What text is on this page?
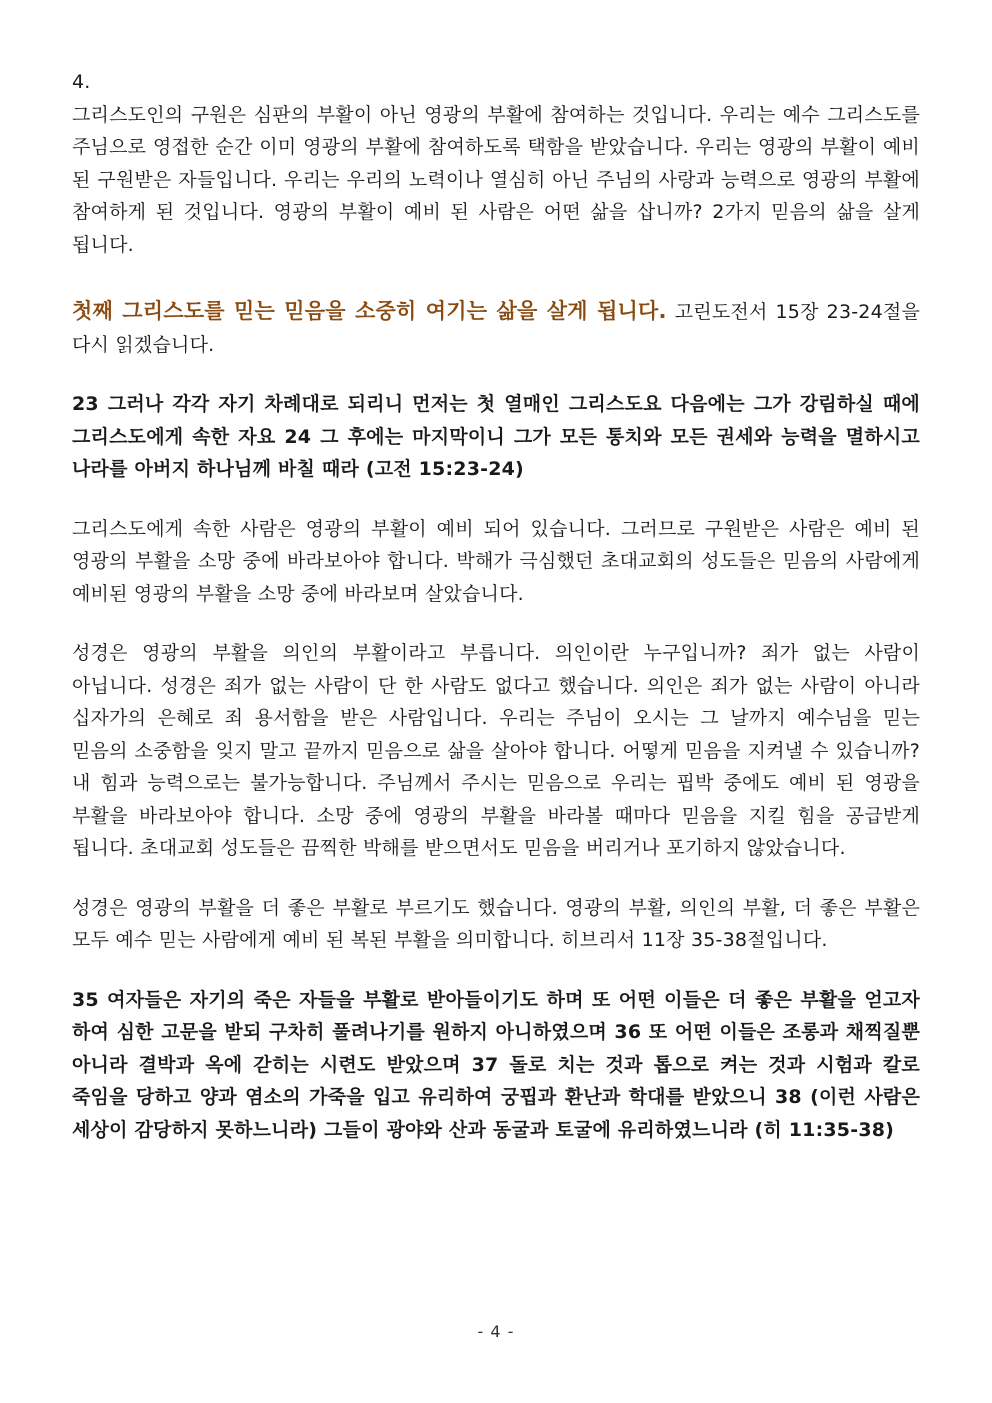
4.

그리스도인의 구원은 심판의 부활이 아닌 영광의 부활에 참여하는 것입니다. 우리는 예수 그리스도를 주님으로 영접한 순간 이미 영광의 부활에 참여하도록 택함을 받았습니다. 우리는 영광의 부활이 예비 된 구원받은 자들입니다. 우리는 우리의 노력이나 열심히 아닌 주님의 사랑과 능력으로 영광의 부활에 참여하게 된 것입니다. 영광의 부활이 예비 된 사람은 어떤 삶을 삽니까? 2가지 믿음의 삶을 살게 됩니다.

첫째 그리스도를 믿는 믿음을 소중히 여기는 삶을 살게 됩니다. 고린도전서 15장 23-24절을 다시 읽겠습니다.

23 그러나 각각 자기 차례대로 되리니 먼저는 첫 열매인 그리스도요 다음에는 그가 강림하실 때에 그리스도에게 속한 자요 24 그 후에는 마지막이니 그가 모든 통치와 모든 권세와 능력을 멸하시고 나라를 아버지 하나님께 바칠 때라 (고전 15:23-24)

그리스도에게 속한 사람은 영광의 부활이 예비 되어 있습니다. 그러므로 구원받은 사람은 예비 된 영광의 부활을 소망 중에 바라보아야 합니다. 박해가 극심했던 초대교회의 성도들은 믿음의 사람에게 예비된 영광의 부활을 소망 중에 바라보며 살았습니다.

성경은 영광의 부활을 의인의 부활이라고 부릅니다. 의인이란 누구입니까? 죄가 없는 사람이 아닙니다. 성경은 죄가 없는 사람이 단 한 사람도 없다고 했습니다. 의인은 죄가 없는 사람이 아니라 십자가의 은혜로 죄 용서함을 받은 사람입니다. 우리는 주님이 오시는 그 날까지 예수님을 믿는 믿음의 소중함을 잊지 말고 끝까지 믿음으로 삶을 살아야 합니다. 어떻게 믿음을 지켜낼 수 있습니까? 내 힘과 능력으로는 불가능합니다. 주님께서 주시는 믿음으로 우리는 핍박 중에도 예비 된 영광을 부활을 바라보아야 합니다. 소망 중에 영광의 부활을 바라볼 때마다 믿음을 지킬 힘을 공급받게 됩니다. 초대교회 성도들은 끔찍한 박해를 받으면서도 믿음을 버리거나 포기하지 않았습니다.

성경은 영광의 부활을 더 좋은 부활로 부르기도 했습니다. 영광의 부활, 의인의 부활, 더 좋은 부활은 모두 예수 믿는 사람에게 예비 된 복된 부활을 의미합니다. 히브리서 11장 35-38절입니다.

35 여자들은 자기의 죽은 자들을 부활로 받아들이기도 하며 또 어떤 이들은 더 좋은 부활을 얻고자 하여 심한 고문을 받되 구차히 풀려나기를 원하지 아니하였으며 36 또 어떤 이들은 조롱과 채찍질뿐 아니라 결박과 옥에 갇히는 시련도 받았으며 37 돌로 치는 것과 톱으로 켜는 것과 시험과 칼로 죽임을 당하고 양과 염소의 가죽을 입고 유리하여 궁핍과 환난과 학대를 받았으니 38 (이런 사람은 세상이 감당하지 못하느니라) 그들이 광야와 산과 동굴과 토굴에 유리하였느니라 (히 11:35-38)

- 4 -
